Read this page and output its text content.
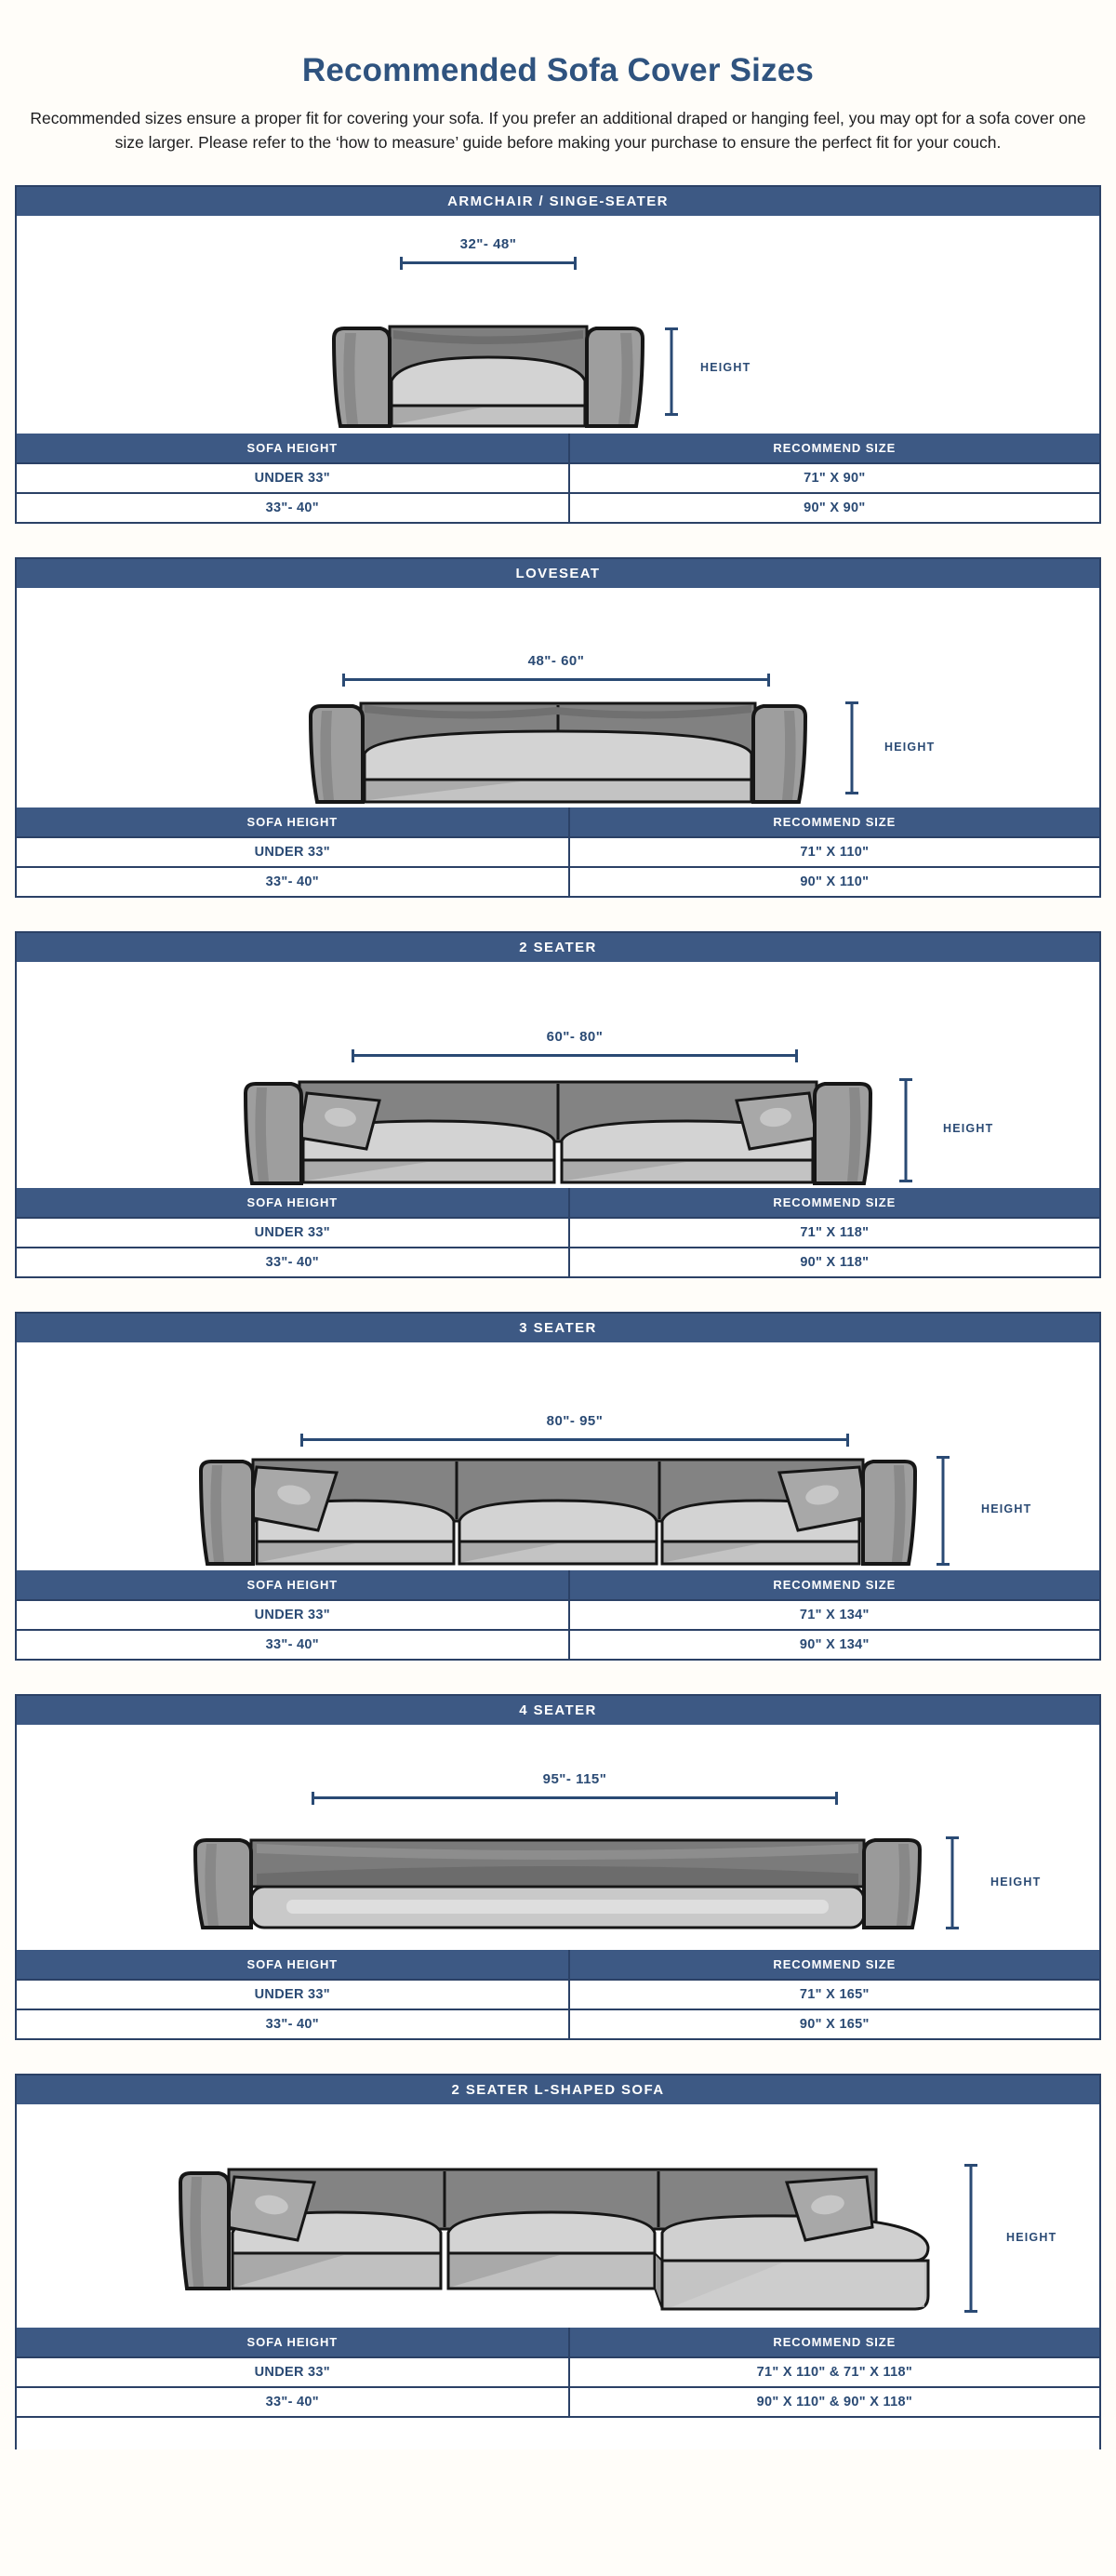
Recommended Sofa Cover Sizes

Recommended sizes ensure a proper fit for covering your sofa. If you prefer an additional draped or hanging feel, you may opt for a sofa cover one size larger. Please refer to the ‘how to measure’ guide before making your purchase to ensure the perfect fit for your couch.

ARMCHAIR / SINGE-SEATER
32"- 48"
HEIGHT
SOFA HEIGHT	RECOMMEND SIZE
UNDER 33"	71" X 90"
33"- 40"	90" X 90"
LOVESEAT
48"- 60"
HEIGHT
SOFA HEIGHT	RECOMMEND SIZE
UNDER 33"	71" X 110"
33"- 40"	90" X 110"
2 SEATER
60"- 80"
HEIGHT
SOFA HEIGHT	RECOMMEND SIZE
UNDER 33"	71" X 118"
33"- 40"	90" X 118"
3 SEATER
80"- 95"
HEIGHT
SOFA HEIGHT	RECOMMEND SIZE
UNDER 33"	71" X 134"
33"- 40"	90" X 134"
4 SEATER
95"- 115"
HEIGHT
SOFA HEIGHT	RECOMMEND SIZE
UNDER 33"	71" X 165"
33"- 40"	90" X 165"
2 SEATER L-SHAPED SOFA
HEIGHT
SOFA HEIGHT	RECOMMEND SIZE
UNDER 33"	71" X 110" & 71" X 118"
33"- 40"	90" X 110" & 90" X 118"
